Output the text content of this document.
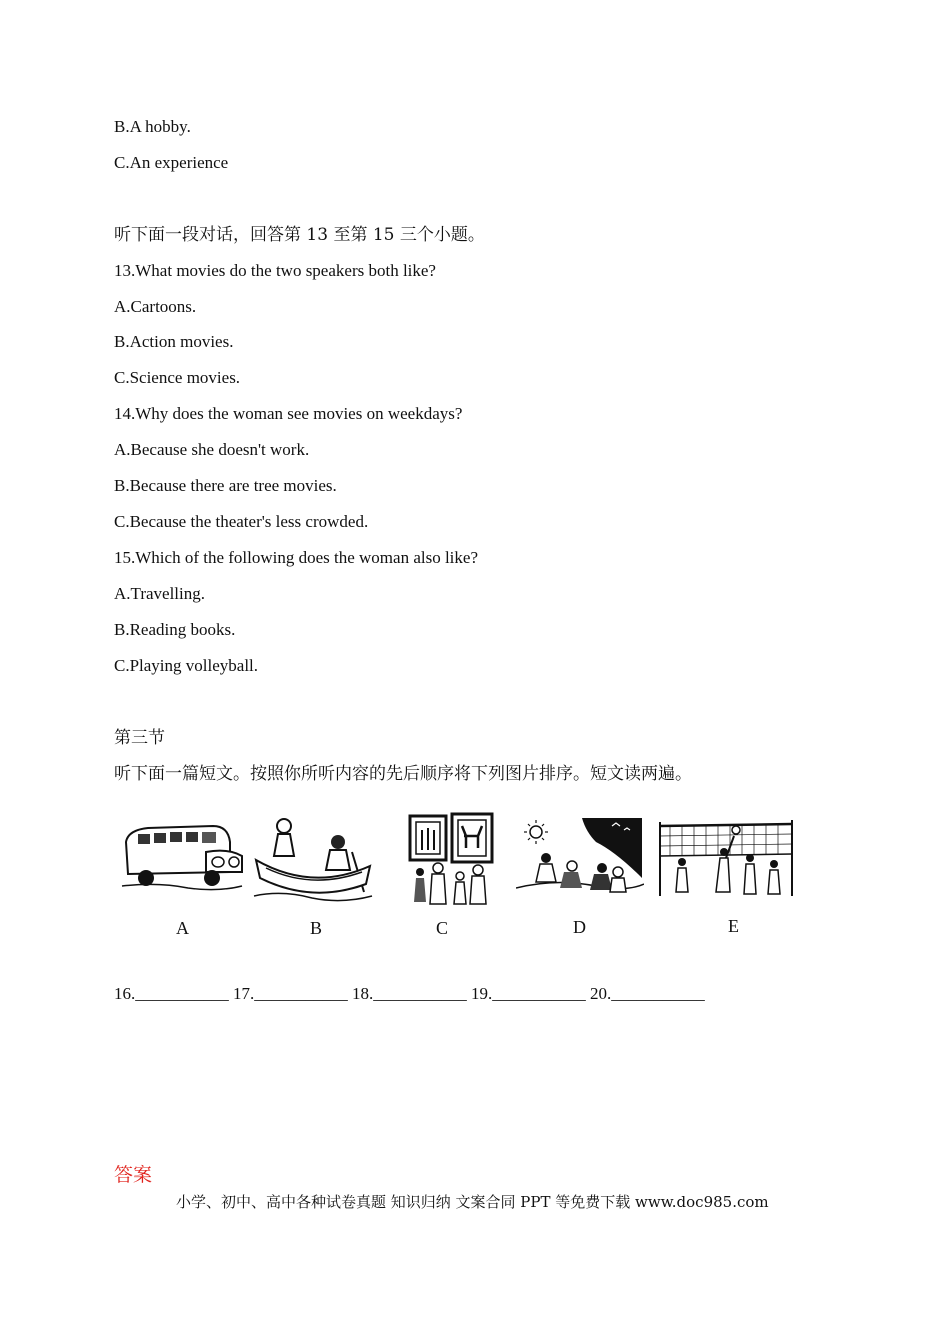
B.A hobby.
C.An experience
听下面一段对话，回答第 13 至第 15 三个小题。
13.What movies do the two speakers both like?
A.Cartoons.
B.Action movies.
C.Science movies.
14.Why does the woman see movies on weekdays?
A.Because she doesn't work.
B.Because there are tree movies.
C.Because the theater's less crowded.
15.Which of the following does the woman also like?
A.Travelling.
B.Reading books.
C.Playing volleyball.
第三节
听下面一篇短文。按照你所听内容的先后顺序将下列图片排序。短文读两遍。
A	B	C	D	E
16.___________ 17.___________ 18.___________ 19.___________ 20.___________
答案
小学、初中、高中各种试卷真题 知识归纳 文案合同 PPT 等免费下载 www.doc985.com
